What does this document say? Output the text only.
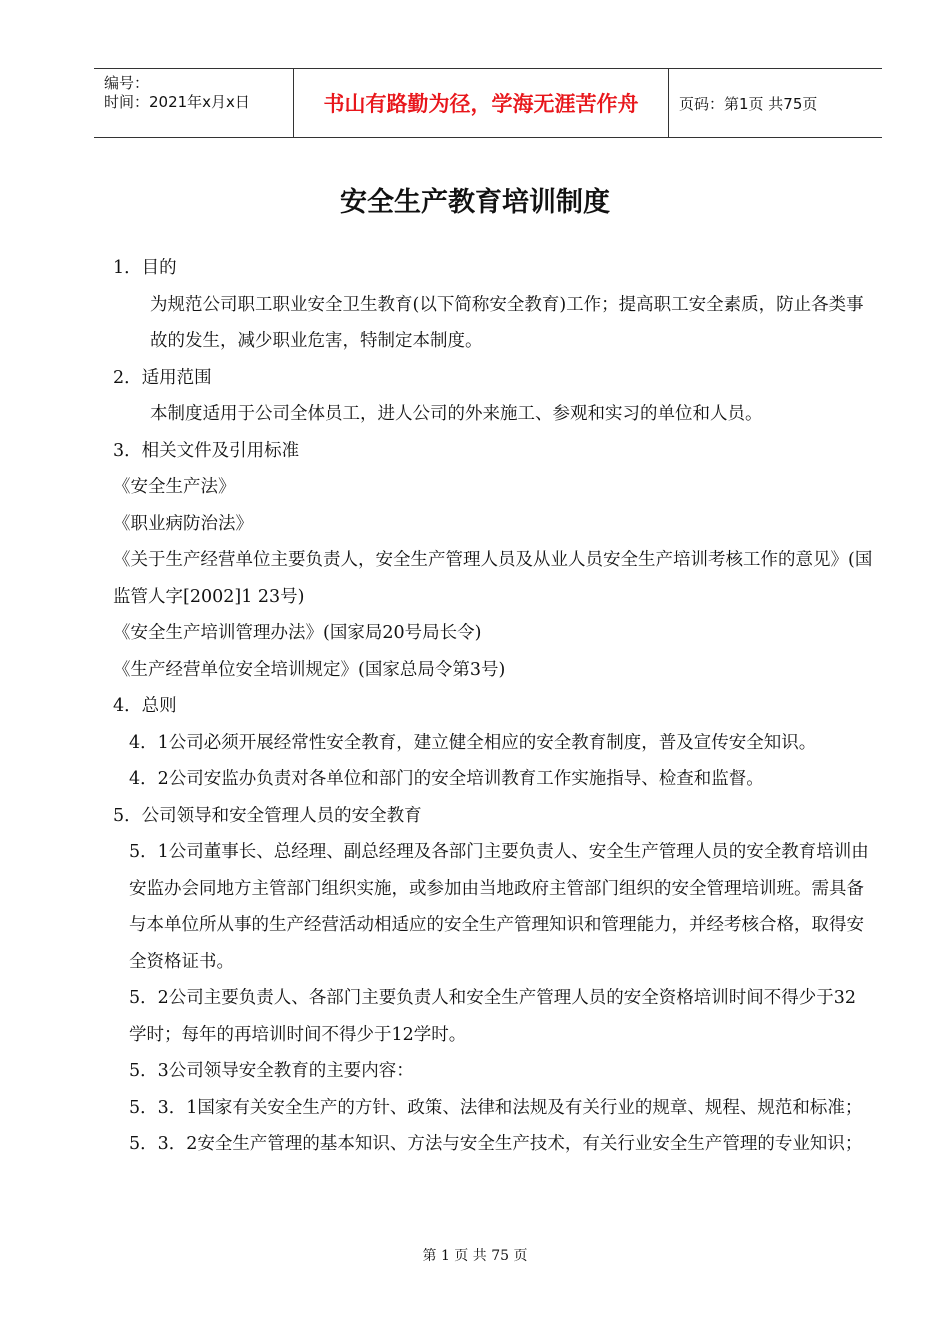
编号：
时间：2021年x月x日	书山有路勤为径，学海无涯苦作舟	页码：第1页 共75页
安全生产教育培训制度

1．目的

为规范公司职工职业安全卫生教育(以下简称安全教育)工作；提高职工安全素质，防止各类事故的发生，减少职业危害，特制定本制度。

2．适用范围

本制度适用于公司全体员工，进人公司的外来施工、参观和实习的单位和人员。

3．相关文件及引用标准

《安全生产法》

《职业病防治法》

《关于生产经营单位主要负责人，安全生产管理人员及从业人员安全生产培训考核工作的意见》(国监管人字[2002]1 23号)

《安全生产培训管理办法》(国家局20号局长令)

《生产经营单位安全培训规定》(国家总局令第3号)

4．总则

4．1公司必须开展经常性安全教育，建立健全相应的安全教育制度，普及宣传安全知识。

4．2公司安监办负责对各单位和部门的安全培训教育工作实施指导、检查和监督。

5．公司领导和安全管理人员的安全教育

5．1公司董事长、总经理、副总经理及各部门主要负责人、安全生产管理人员的安全教育培训由安监办会同地方主管部门组织实施，或参加由当地政府主管部门组织的安全管理培训班。需具备与本单位所从事的生产经营活动相适应的安全生产管理知识和管理能力，并经考核合格，取得安全资格证书。

5．2公司主要负责人、各部门主要负责人和安全生产管理人员的安全资格培训时间不得少于32学时；每年的再培训时间不得少于12学时。

5．3公司领导安全教育的主要内容：

5．3．1国家有关安全生产的方针、政策、法律和法规及有关行业的规章、规程、规范和标准；

5．3．2安全生产管理的基本知识、方法与安全生产技术，有关行业安全生产管理的专业知识；

第 1 页 共 75 页
